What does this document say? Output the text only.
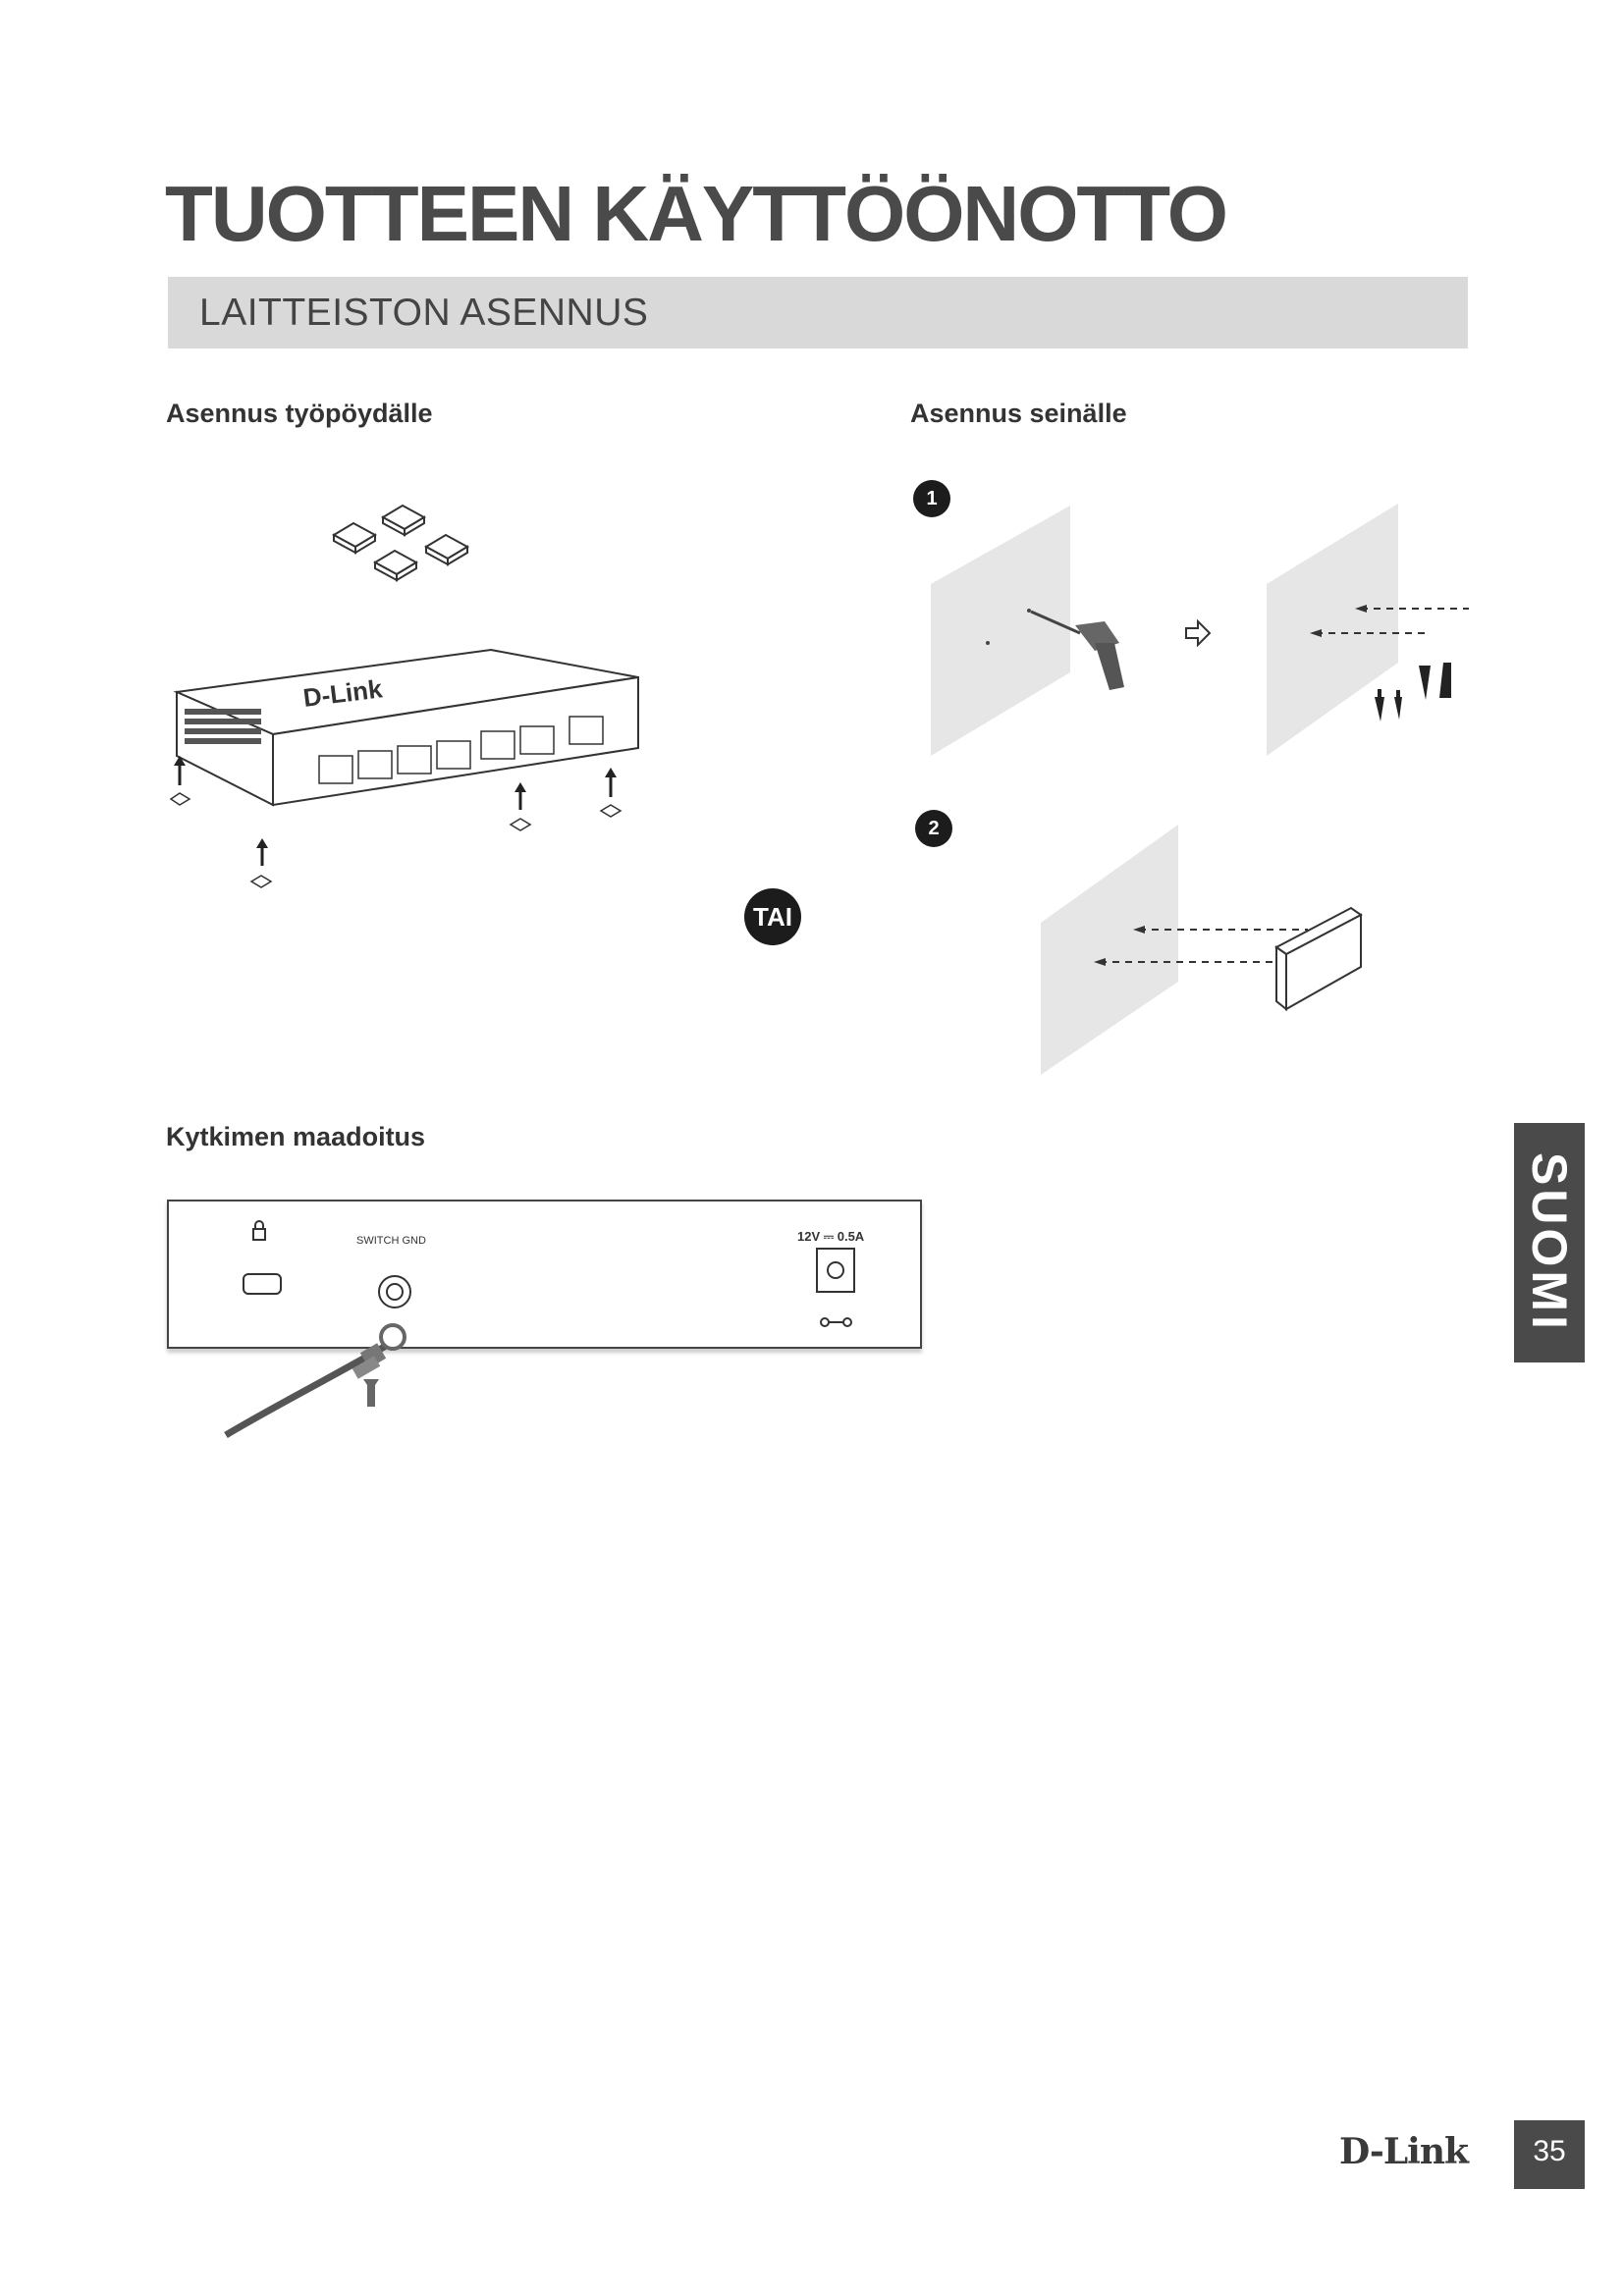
TUOTTEEN KÄYTTÖÖNOTTO
LAITTEISTON ASENNUS
Asennus työpöydälle	Asennus seinälle
Kytkimen maadoitus
D-Link
TAI
1
2
SWITCH GND	12V ⎓ 0.5A	SUOMI
D-Link	35
